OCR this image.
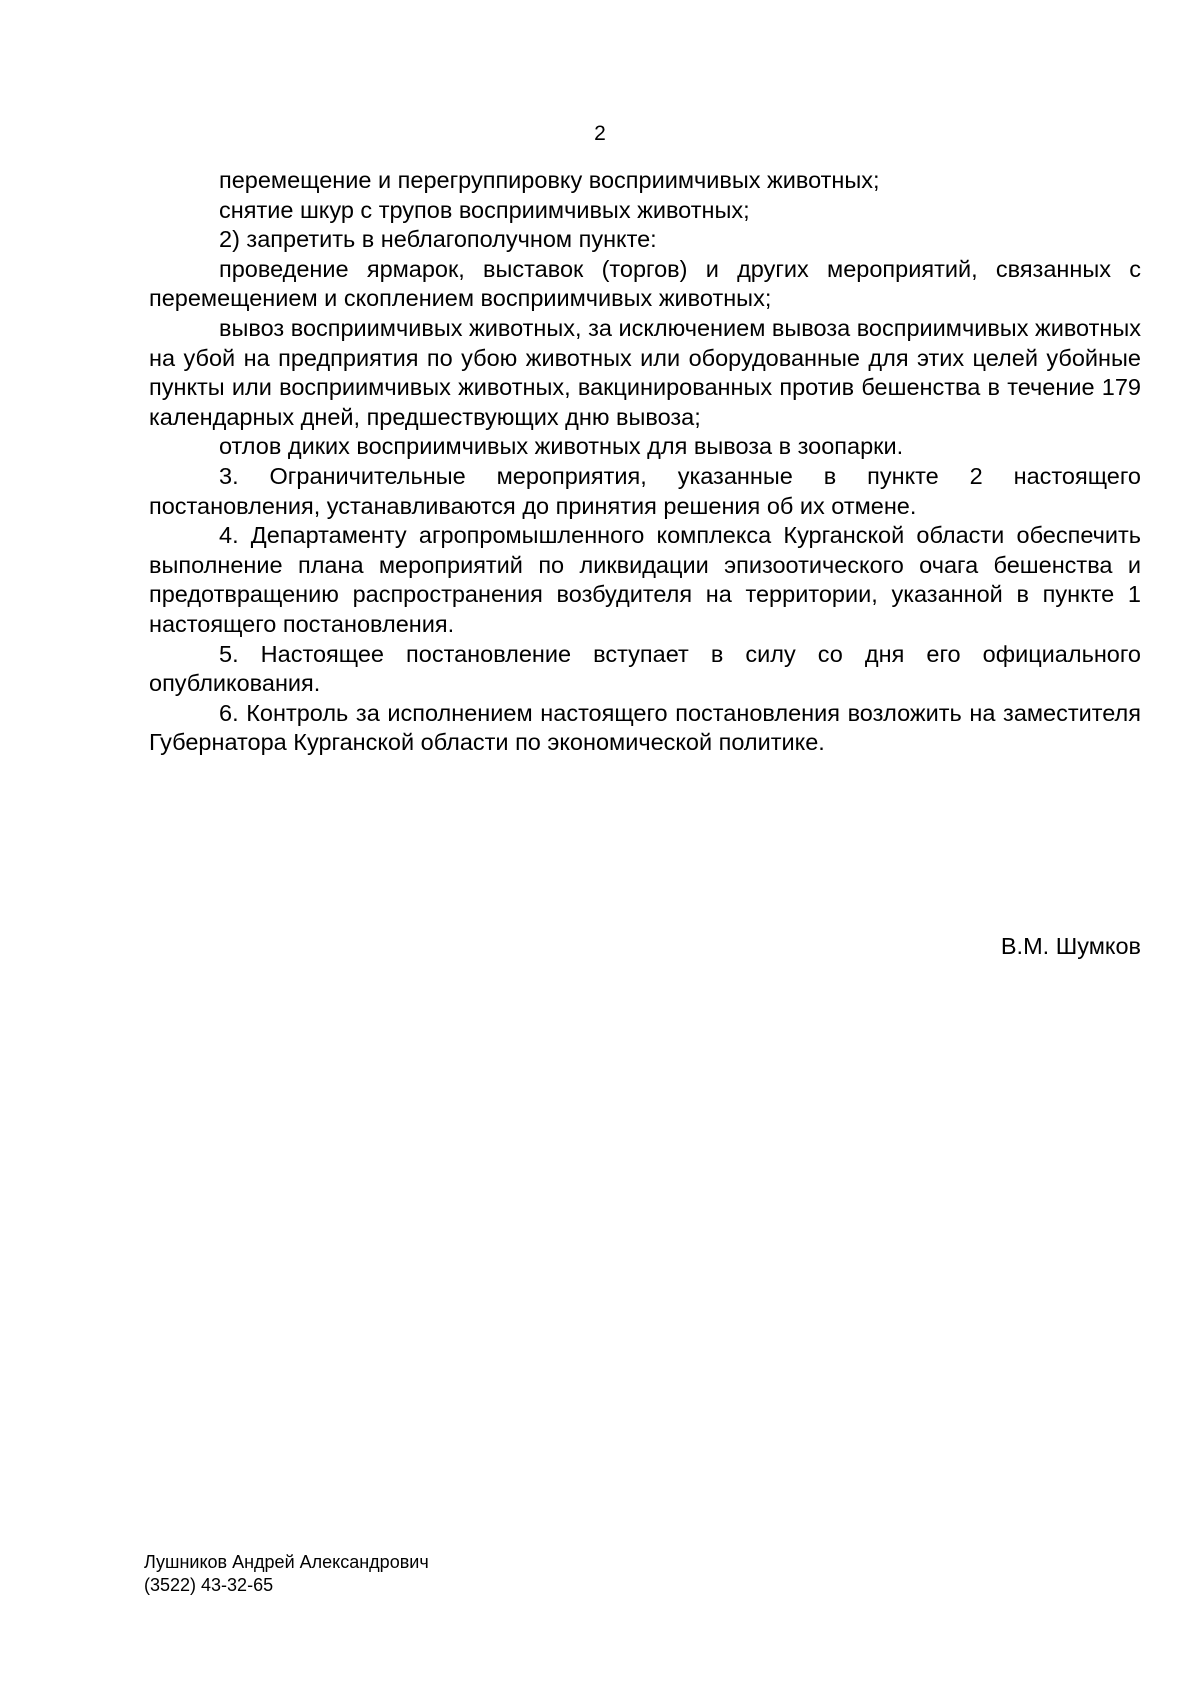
2

перемещение и перегруппировку восприимчивых животных;

снятие шкур с трупов восприимчивых животных;

2) запретить в неблагополучном пункте:

проведение ярмарок, выставок (торгов) и других мероприятий, связанных с перемещением и скоплением восприимчивых животных;

вывоз восприимчивых животных, за исключением вывоза восприимчивых животных на убой на предприятия по убою животных или оборудованные для этих целей убойные пункты или восприимчивых животных, вакцинированных против бешенства в течение 179 календарных дней, предшествующих дню вывоза;

отлов диких восприимчивых животных для вывоза в зоопарки.

3. Ограничительные мероприятия, указанные в пункте 2 настоящего постановления, устанавливаются до принятия решения об их отмене.

4. Департаменту агропромышленного комплекса Курганской области обеспечить выполнение плана мероприятий по ликвидации эпизоотического очага бешенства и предотвращению распространения возбудителя на территории, указанной в пункте 1 настоящего постановления.

5. Настоящее постановление вступает в силу со дня его официального опубликования.

6. Контроль за исполнением настоящего постановления возложить на заместителя Губернатора Курганской области по экономической политике.

В.М. Шумков
Лушников Андрей Александрович
(3522) 43-32-65
